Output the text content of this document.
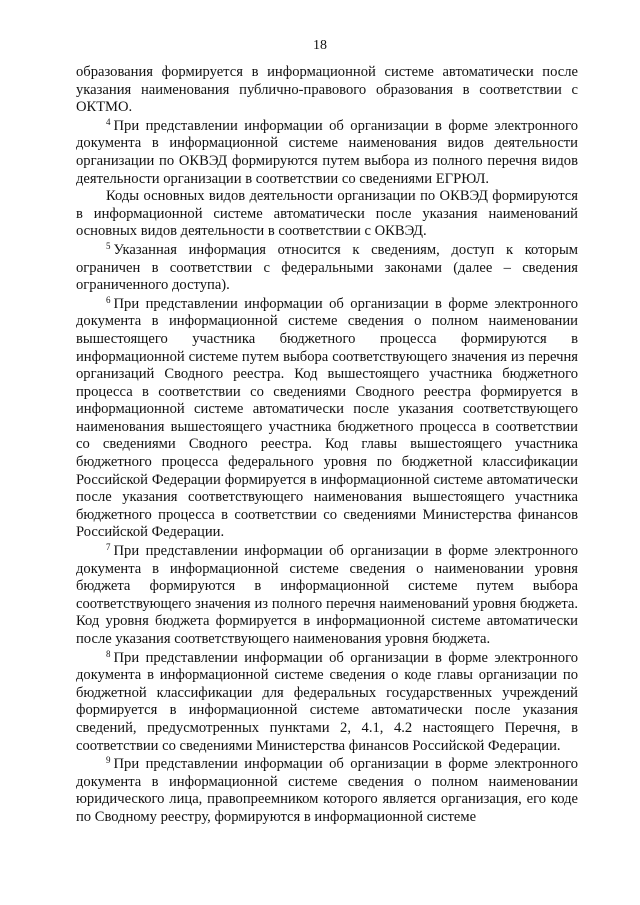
18

образования формируется в информационной системе автоматически после указания наименования публично-правового образования в соответствии с ОКТМО.

$^4$ При представлении информации об организации в форме электронного документа в информационной системе наименования видов деятельности организации по ОКВЭД формируются путем выбора из полного перечня видов деятельности организации в соответствии со сведениями ЕГРЮЛ.

Коды основных видов деятельности организации по ОКВЭД формируются в информационной системе автоматически после указания наименований основных видов деятельности в соответствии с ОКВЭД.

$^5$ Указанная информация относится к сведениям, доступ к которым ограничен в соответствии с федеральными законами (далее – сведения ограниченного доступа).

$^6$ При представлении информации об организации в форме электронного документа в информационной системе сведения о полном наименовании вышестоящего участника бюджетного процесса формируются в информационной системе путем выбора соответствующего значения из перечня организаций Сводного реестра. Код вышестоящего участника бюджетного процесса в соответствии со сведениями Сводного реестра формируется в информационной системе автоматически после указания соответствующего наименования вышестоящего участника бюджетного процесса в соответствии со сведениями Сводного реестра. Код главы вышестоящего участника бюджетного процесса федерального уровня по бюджетной классификации Российской Федерации формируется в информационной системе автоматически после указания соответствующего наименования вышестоящего участника бюджетного процесса в соответствии со сведениями Министерства финансов Российской Федерации.

$^7$ При представлении информации об организации в форме электронного документа в информационной системе сведения о наименовании уровня бюджета формируются в информационной системе путем выбора соответствующего значения из полного перечня наименований уровня бюджета. Код уровня бюджета формируется в информационной системе автоматически после указания соответствующего наименования уровня бюджета.

$^8$ При представлении информации об организации в форме электронного документа в информационной системе сведения о коде главы организации по бюджетной классификации для федеральных государственных учреждений формируется в информационной системе автоматически после указания сведений, предусмотренных пунктами 2, 4.1, 4.2 настоящего Перечня, в соответствии со сведениями Министерства финансов Российской Федерации.

$^9$ При представлении информации об организации в форме электронного документа в информационной системе сведения о полном наименовании юридического лица, правопреемником которого является организация, его коде по Сводному реестру, формируются в информационной системе
